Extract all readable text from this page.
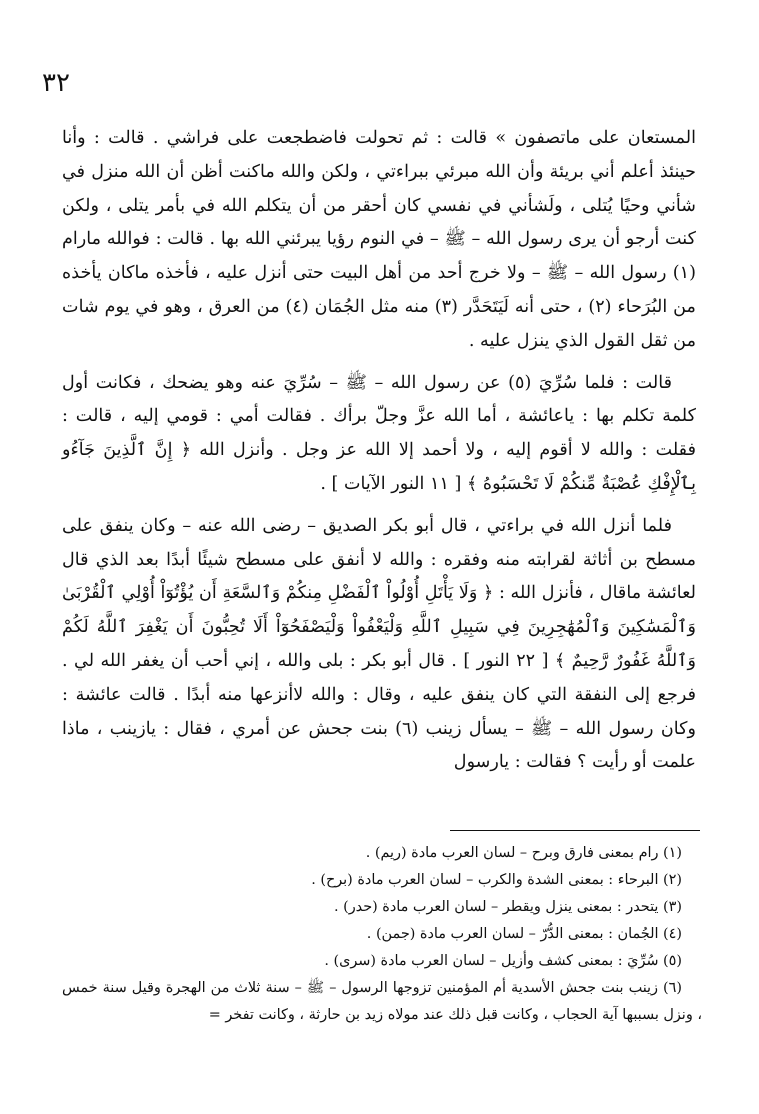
٣٢

المستعان على ماتصفون » قالت : ثم تحولت فاضطجعت على فراشي . قالت : وأنا حينئذ أعلم أني بريئة وأن الله مبرئي ببراءتي ، ولكن والله ماكنت أظن أن الله منزل في شأني وحيًا يُتلى ، ولَشأني في نفسي كان أحقر من أن يتكلم الله في بأمر يتلى ، ولكن كنت أرجو أن يرى رسول الله – ﷺ – في النوم رؤيا يبرئني الله بها . قالت : فوالله مارام (١) رسول الله – ﷺ – ولا خرج أحد من أهل البيت حتى أنزل عليه ، فأخذه ماكان يأخذه من البُرَحاء (٢) ، حتى أنه لَيَتَحَدَّر (٣) منه مثل الجُمَان (٤) من العرق ، وهو في يوم شات من ثقل القول الذي ينزل عليه .

قالت : فلما سُرِّيَ (٥) عن رسول الله – ﷺ – سُرِّيَ عنه وهو يضحك ، فكانت أول كلمة تكلم بها : ياعائشة ، أما الله عزَّ وجلّ برأك . فقالت أمي : قومي إليه ، قالت : فقلت : والله لا أقوم إليه ، ولا أحمد إلا الله عز وجل . وأنزل الله ﴿ إِنَّ ٱلَّذِينَ جَآءُو بِٱلْإِفْكِ عُصْبَةٌ مِّنكُمْ لَا تَحْسَبُوهُ ﴾ [ ١١ النور الآيات ] .

فلما أنزل الله في براءتي ، قال أبو بكر الصديق – رضى الله عنه – وكان ينفق على مسطح بن أثاثة لقرابته منه وفقره : والله لا أنفق على مسطح شيئًا أبدًا بعد الذي قال لعائشة ماقال ، فأنزل الله : ﴿ وَلَا يَأْتَلِ أُوْلُواْ ٱلْفَضْلِ مِنكُمْ وَٱلسَّعَةِ أَن يُؤْتُوٓاْ أُوْلِي ٱلْقُرْبَىٰ وَٱلْمَسَٰكِينَ وَٱلْمُهَٰجِرِينَ فِي سَبِيلِ ٱللَّهِ وَلْيَعْفُواْ وَلْيَصْفَحُوٓاْ أَلَا تُحِبُّونَ أَن يَغْفِرَ ٱللَّهُ لَكُمْ وَٱللَّهُ غَفُورٌ رَّحِيمٌ ﴾ [ ٢٢ النور ] . قال أبو بكر : بلى والله ، إني أحب أن يغفر الله لي . فرجع إلى النفقة التي كان ينفق عليه ، وقال : والله لاأنزعها منه أبدًا . قالت عائشة : وكان رسول الله – ﷺ – يسأل زينب (٦) بنت جحش عن أمري ، فقال : يازينب ، ماذا علمت أو رأيت ؟ فقالت : يارسول

(١) رام بمعنى فارق وبرح – لسان العرب مادة (ريم) .

(٢) البرحاء : بمعنى الشدة والكرب – لسان العرب مادة (برح) .

(٣) يتحدر : بمعنى ينزل ويقطر – لسان العرب مادة (حدر) .

(٤) الجُمان : بمعنى الدُّرّ – لسان العرب مادة (جمن) .

(٥) سُرِّيَ : بمعنى كشف وأزيل – لسان العرب مادة (سرى) .

(٦) زينب بنت جحش الأسدية أم المؤمنين تزوجها الرسول – ﷺ – سنة ثلاث من الهجرة وقيل سنة خمس ، ونزل بسببها آية الحجاب ، وكانت قبل ذلك عند مولاه زيد بن حارثة ، وكانت تفخر =
